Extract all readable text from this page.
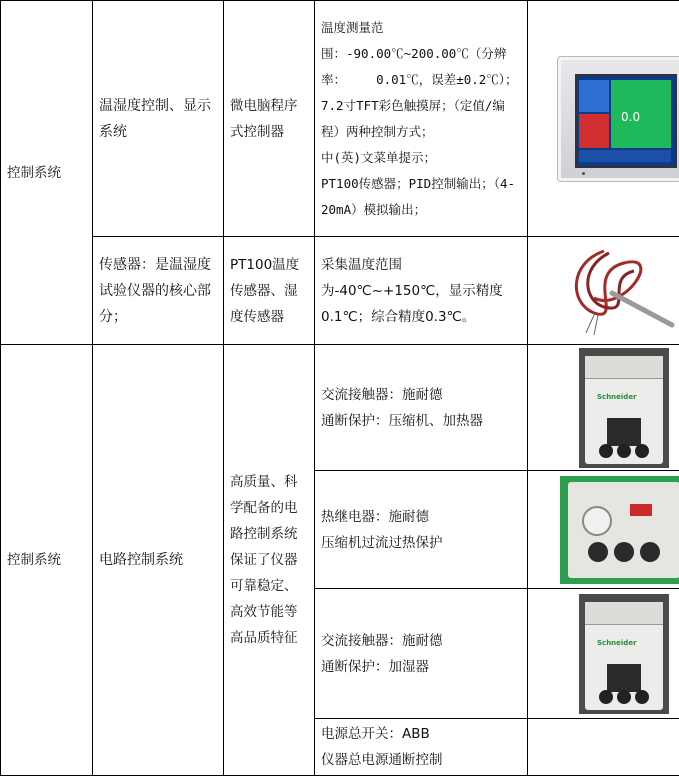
控制系统	温湿度控制、显示系统	微电脑程序式控制器	温度测量范围：-90.00℃~200.00℃（分辨率：    0.01℃，误差±0.2℃）；
7.2寸TFT彩色触摸屏；（定值/编程）两种控制方式；
中(英)文菜单提示；
PT100传感器；PID控制输出；（4-20mA）模拟输出；	0.0

	传感器：是温湿度试验仪器的核心部分；	PT100温度传感器、湿度传感器	采集温度范围为-40℃~+150℃，显示精度0.1℃；综合精度0.3℃。	

控制系统	电路控制系统	高质量、科学配备的电路控制系统保证了仪器可靠稳定、高效节能等高品质特征	交流接触器：施耐德
通断保护：压缩机、加热器	Schneider

			热继电器：施耐德
压缩机过流过热保护	

			交流接触器：施耐德
通断保护：加湿器	Schneider

			电源总开关：ABB
仪器总电源通断控制	
